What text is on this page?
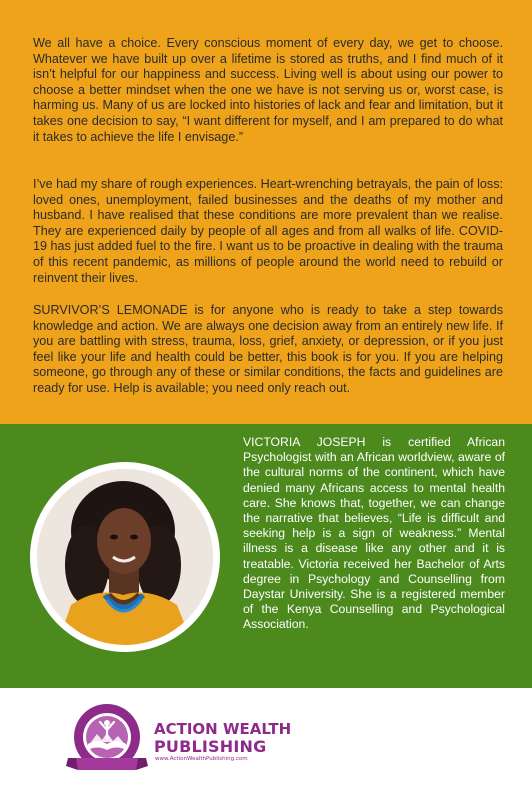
We all have a choice. Every conscious moment of every day, we get to choose. Whatever we have built up over a lifetime is stored as truths, and I find much of it isn’t helpful for our happiness and success. Living well is about using our power to choose a better mindset when the one we have is not serving us or, worst case, is harming us. Many of us are locked into histories of lack and fear and limitation, but it takes one decision to say, “I want different for myself, and I am prepared to do what it takes to achieve the life I envisage.”

I’ve had my share of rough experiences. Heart-wrenching betrayals, the pain of loss: loved ones, unemployment, failed businesses and the deaths of my mother and husband. I have realised that these conditions are more prevalent than we realise. They are experienced daily by people of all ages and from all walks of life. COVID-19 has just added fuel to the fire. I want us to be proactive in dealing with the trauma of this recent pandemic, as millions of people around the world need to rebuild or reinvent their lives.

SURVIVOR’S LEMONADE is for anyone who is ready to take a step towards knowledge and action. We are always one decision away from an entirely new life. If you are battling with stress, trauma, loss, grief, anxiety, or depression, or if you just feel like your life and health could be better, this book is for you. If you are helping someone, go through any of these or similar conditions, the facts and guidelines are ready for use. Help is available; you need only reach out.

VICTORIA JOSEPH is certified African Psychologist with an African worldview, aware of the cultural norms of the continent, which have denied many Africans access to mental health care. She knows that, together, we can change the narrative that believes, “Life is difficult and seeking help is a sign of weakness.” Mental illness is a disease like any other and it is treatable. Victoria received her Bachelor of Arts degree in Psychology and Counselling from Daystar University. She is a registered member of the Kenya Counselling and Psychological Association.

ACTION WEALTH
PUBLISHING
www.ActionWealthPublishing.com
